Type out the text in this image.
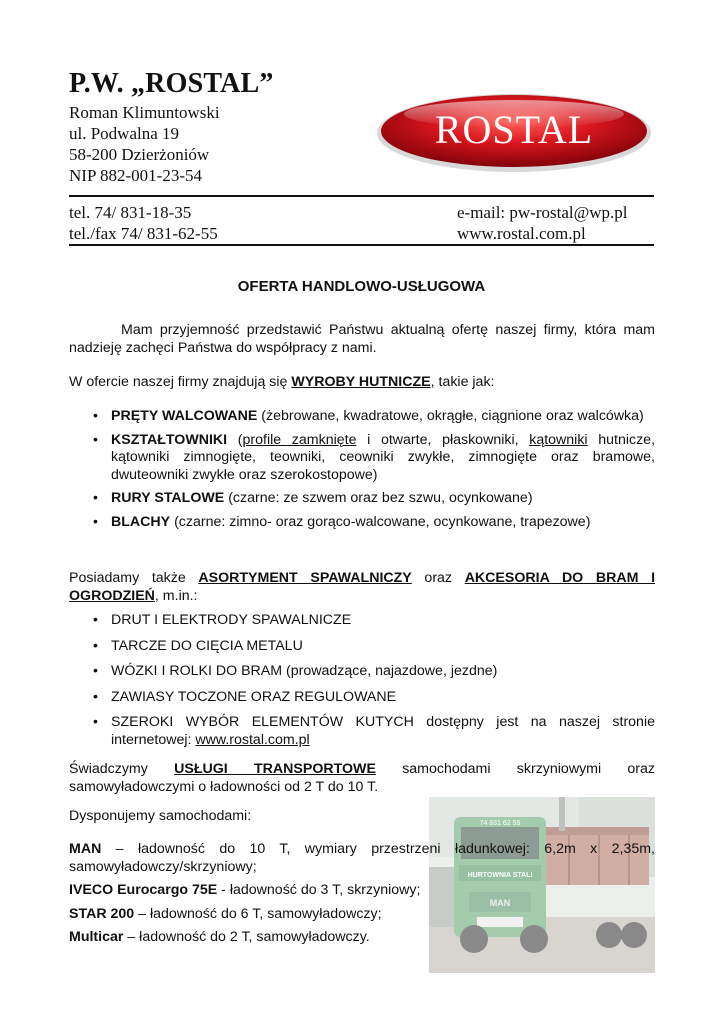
P.W. „ROSTAL”
Roman Klimuntowski
ul. Podwalna 19
58-200 Dzierżoniów
NIP 882-001-23-54
ROSTAL
tel. 74/ 831-18-35
tel./fax 74/ 831-62-55
e-mail: pw-rostal@wp.pl
www.rostal.com.pl
OFERTA HANDLOWO-USŁUGOWA

Mam przyjemność przedstawić Państwu aktualną ofertę naszej firmy, która mam nadzieję zachęci Państwa do współpracy z nami.

W ofercie naszej firmy znajdują się WYROBY HUTNICZE, takie jak:

• PRĘTY WALCOWANE (żebrowane, kwadratowe, okrągłe, ciągnione oraz walcówka)
• KSZTAŁTOWNIKI (profile zamknięte i otwarte, płaskowniki, kątowniki hutnicze, kątowniki zimnogięte, teowniki, ceowniki zwykłe, zimnogięte oraz bramowe, dwuteowniki zwykłe oraz szerokostopowe)
• RURY STALOWE (czarne: ze szwem oraz bez szwu, ocynkowane)
• BLACHY (czarne: zimno- oraz gorąco-walcowane, ocynkowane, trapezowe)

Posiadamy także ASORTYMENT SPAWALNICZY oraz AKCESORIA DO BRAM I OGRODZIEŃ, m.in.:

• DRUT I ELEKTRODY SPAWALNICZE
• TARCZE DO CIĘCIA METALU
• WÓZKI I ROLKI DO BRAM (prowadzące, najazdowe, jezdne)
• ZAWIASY TOCZONE ORAZ REGULOWANE
• SZEROKI WYBÓR ELEMENTÓW KUTYCH dostępny jest na naszej stronie internetowej: www.rostal.com.pl
74 831 62 55
HURTOWNIA STALI
MAN

Świadczymy USŁUGI TRANSPORTOWE samochodami skrzyniowymi oraz samowyładowczymi o ładowności od 2 T do 10 T.

Dysponujemy samochodami:

MAN – ładowność do 10 T, wymiary przestrzeni ładunkowej: 6,2m x 2,35m, samowyładowczy/skrzyniowy;

IVECO Eurocargo 75E - ładowność do 3 T, skrzyniowy;

STAR 200 – ładowność do 6 T, samowyładowczy;

Multicar – ładowność do 2 T, samowyładowczy.
